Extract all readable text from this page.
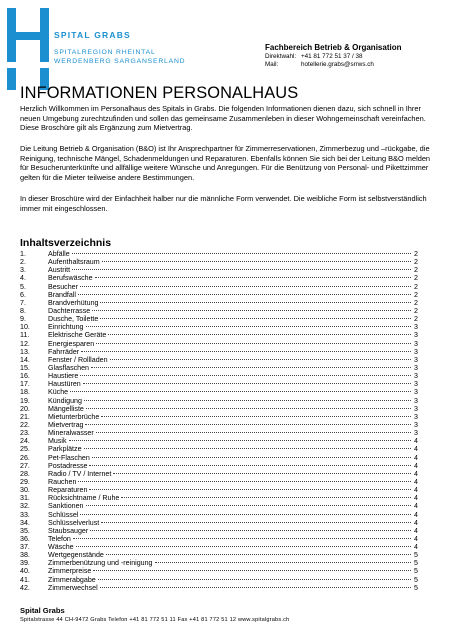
SPITAL GRABS
SPITALREGION RHEINTAL
WERDENBERG SARGANSERLAND
Fachbereich Betrieb & Organisation
Direktwahl: +41 81 772 51 37 / 38
Mail:	hotellerie.grabs@srrws.ch
INFORMATIONEN PERSONALHAUS

Herzlich Willkommen im Personalhaus des Spitals in Grabs. Die folgenden Informationen dienen dazu, sich schnell in Ihrer neuen Umgebung zurechtzufinden und sollen das gemeinsame Zusammenleben in dieser Wohngemeinschaft vereinfachen. Diese Broschüre gilt als Ergänzung zum Mietvertrag.

Die Leitung Betrieb & Organisation (B&O) ist Ihr Ansprechpartner für Zimmerreservationen, Zimmerbezug und –rückgabe, die Reinigung, technische Mängel, Schadenmeldungen und Reparaturen. Ebenfalls können Sie sich bei der Leitung B&O melden für Besucherunterkünfte und allfällige weitere Wünsche und Anregungen. Für die Benützung von Personal- und Pikettzimmer gelten für die Mieter teilweise andere Bestimmungen.

In dieser Broschüre wird der Einfachheit halber nur die männliche Form verwendet. Die weibliche Form ist selbstverständlich immer mit eingeschlossen.

Inhaltsverzeichnis
1.	Abfälle	2
2.	Aufenthaltsraum	2
3.	Austritt	2
4.	Berufswäsche	2
5.	Besucher	2
6.	Brandfall	2
7.	Brandverhütung	2
8.	Dachterrasse	2
9.	Dusche, Toilette	2
10.	Einrichtung	3
11.	Elektrische Geräte	3
12.	Energiesparen	3
13.	Fahrräder	3
14.	Fenster / Rollladen	3
15.	Glasflaschen	3
16.	Haustiere	3
17.	Haustüren	3
18.	Küche	3
19.	Kündigung	3
20.	Mängelliste	3
21.	Mietunterbrüche	3
22.	Mietvertrag	3
23.	Mineralwasser	3
24.	Musik	4
25.	Parkplätze	4
26.	Pet-Flaschen	4
27.	Postadresse	4
28.	Radio / TV / Internet	4
29.	Rauchen	4
30.	Reparaturen	4
31.	Rücksichtname / Ruhe	4
32.	Sanktionen	4
33.	Schlüssel	4
34.	Schlüsselverlust	4
35.	Staubsauger	4
36.	Telefon	4
37.	Wäsche	4
38.	Wertgegenstände	5
39.	Zimmerbenützung und -reinigung	5
40.	Zimmerpreise	5
41.	Zimmerabgabe	5
42.	Zimmerwechsel	5
Spital Grabs
Spitalstrasse 44 CH-9472 Grabs Telefon +41 81 772 51 11 Fax +41 81 772 51 12 www.spitalgrabs.ch
